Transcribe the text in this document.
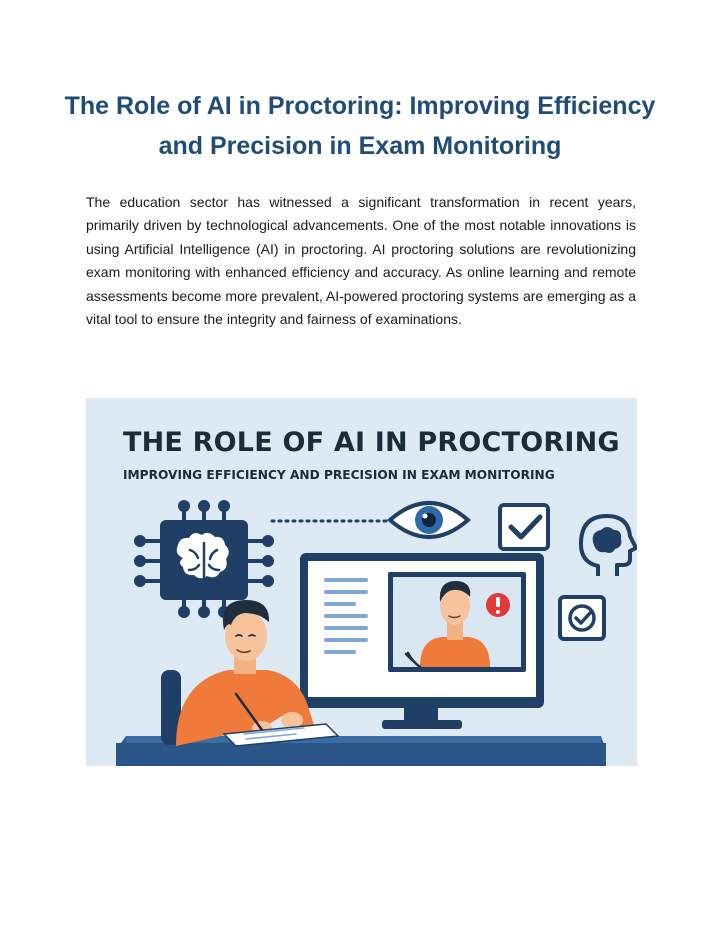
The Role of AI in Proctoring: Improving Efficiency and Precision in Exam Monitoring

The education sector has witnessed a significant transformation in recent years, primarily driven by technological advancements. One of the most notable innovations is using Artificial Intelligence (AI) in proctoring. AI proctoring solutions are revolutionizing exam monitoring with enhanced efficiency and accuracy. As online learning and remote assessments become more prevalent, AI-powered proctoring systems are emerging as a vital tool to ensure the integrity and fairness of examinations.

THE ROLE OF AI IN PROCTORING
IMPROVING EFFICIENCY AND PRECISION IN EXAM MONITORING
